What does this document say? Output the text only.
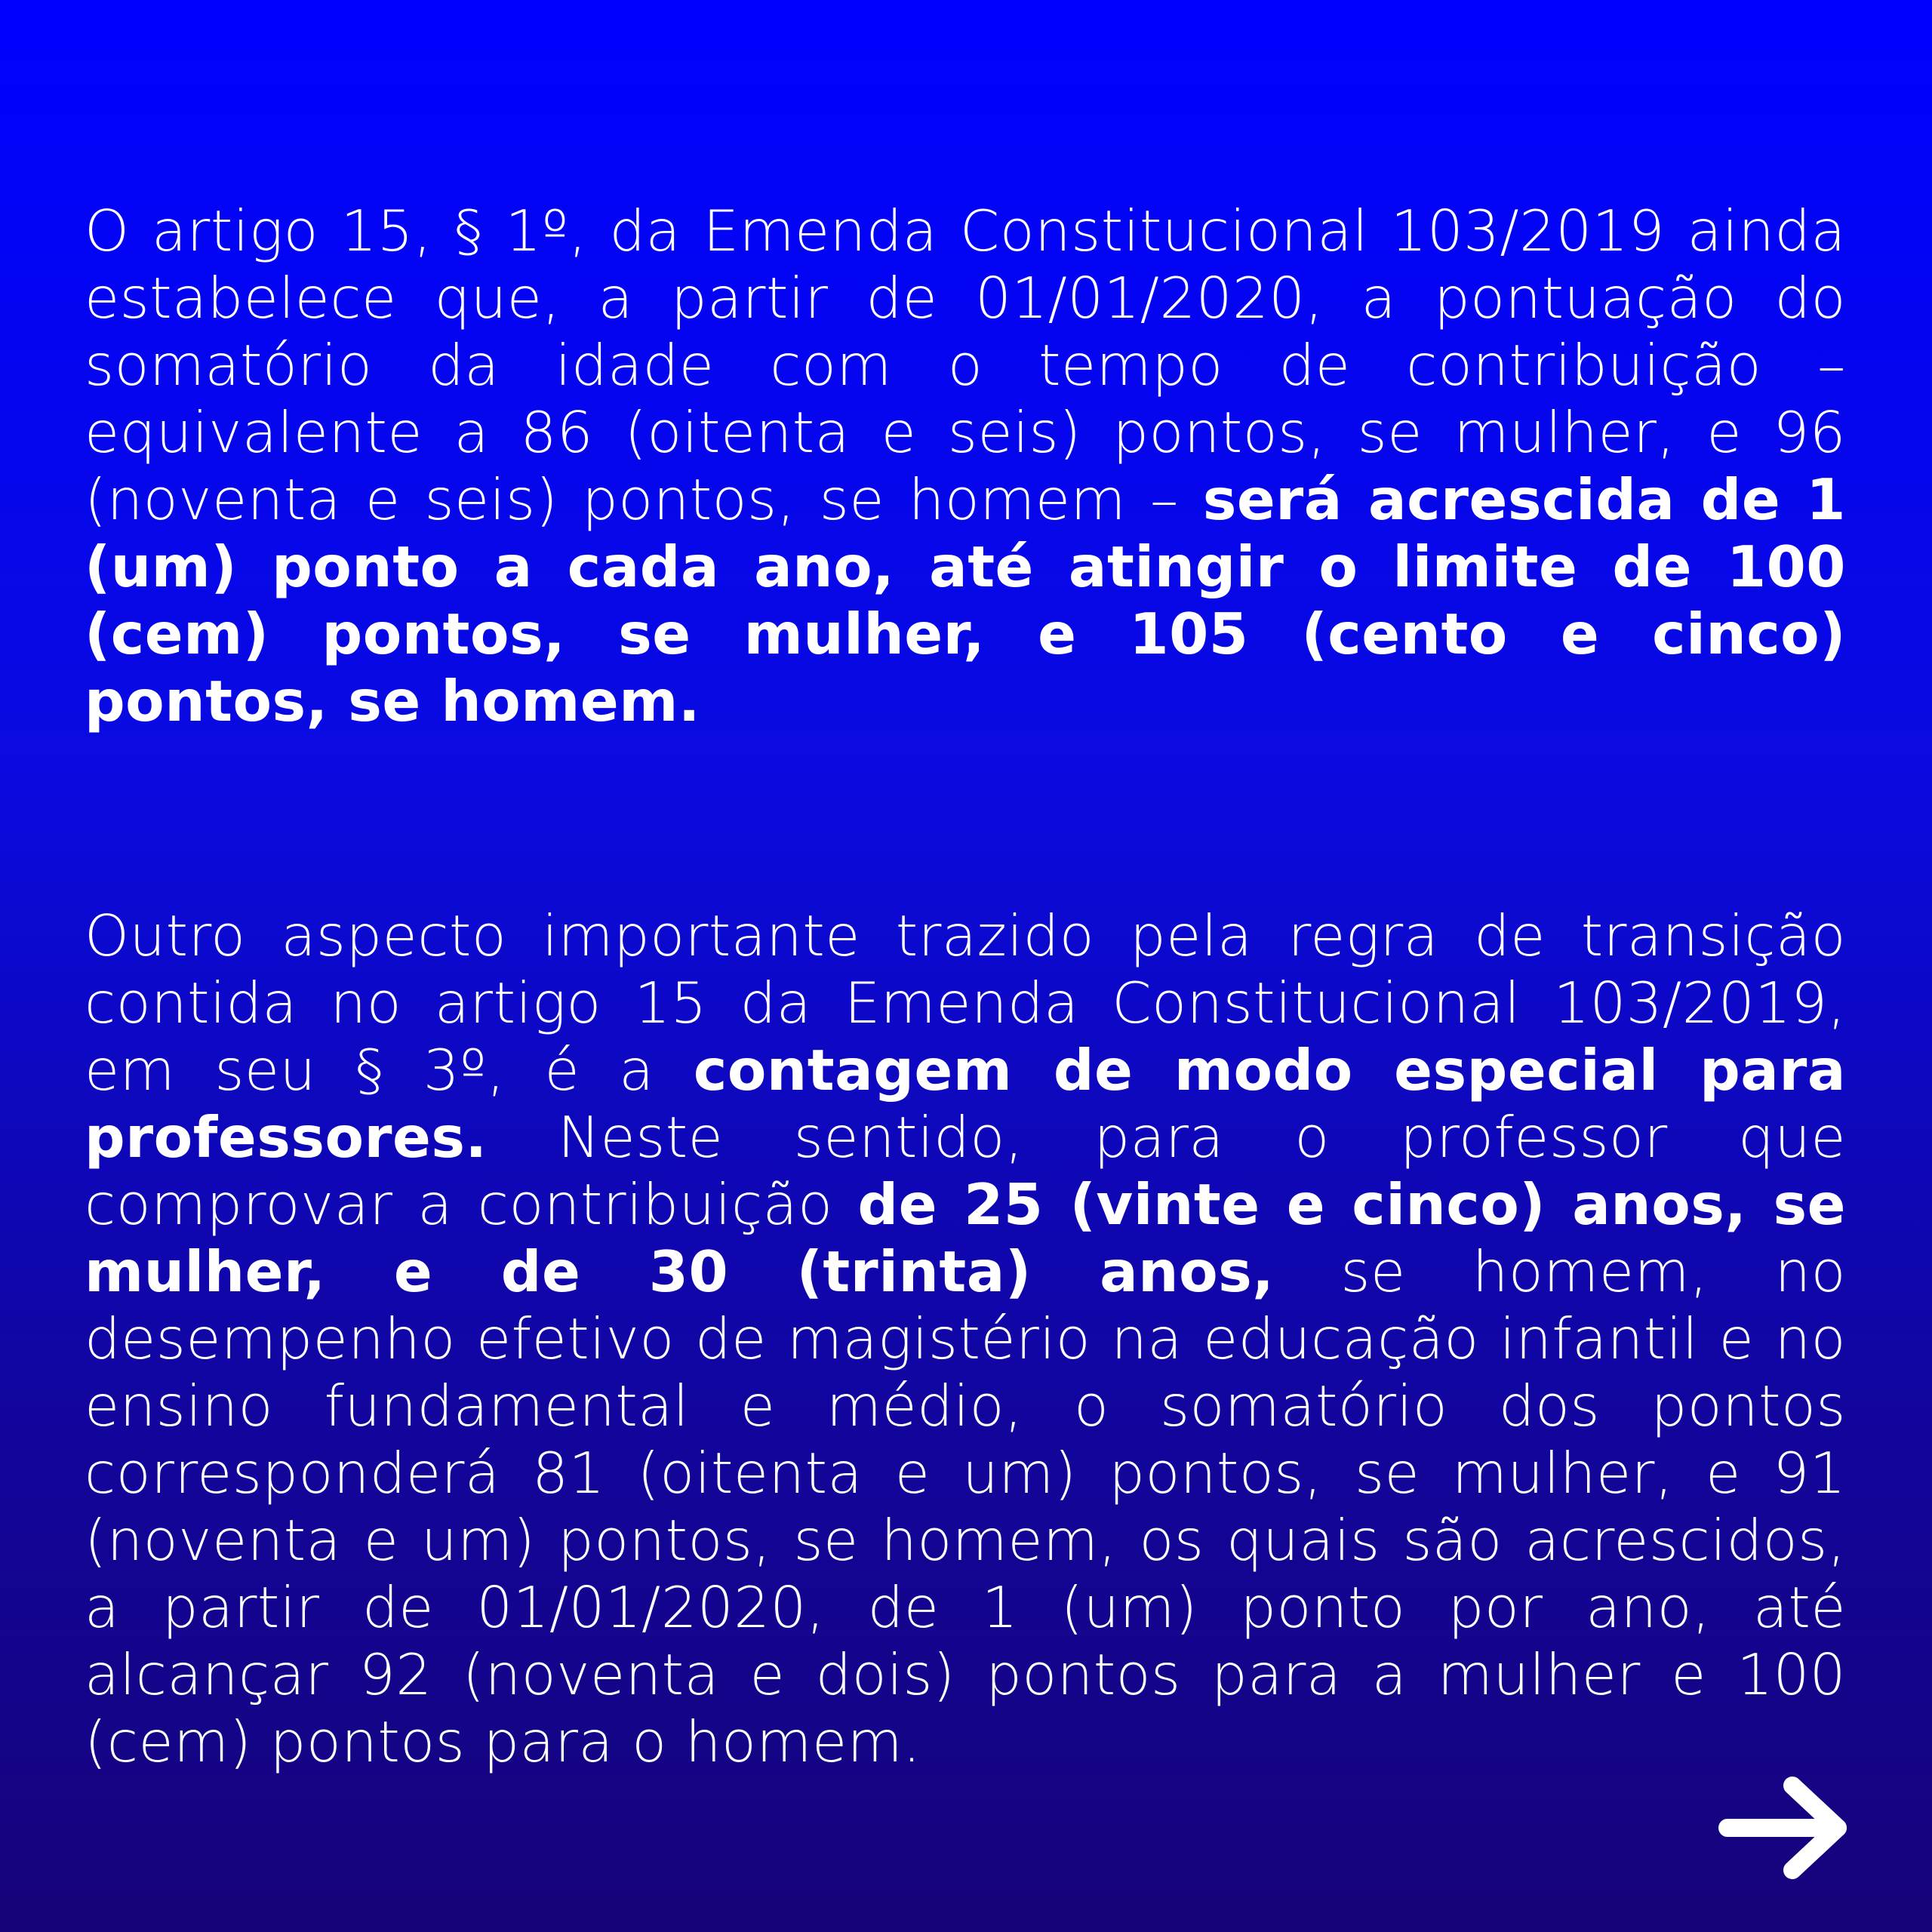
O artigo 15, § 1º, da Emenda Constitucional 103/2019 ainda estabelece que, a partir de 01/01/2020, a pontuação do somatório da idade com o tempo de contribuição – equivalente a 86 (oitenta e seis) pontos, se mulher, e 96 (noventa e seis) pontos, se homem – será acrescida de 1 (um) ponto a cada ano, até atingir o limite de 100 (cem) pontos, se mulher, e 105 (cento e cinco) pontos, se homem.

Outro aspecto importante trazido pela regra de transição contida no artigo 15 da Emenda Constitucional 103/2019, em seu § 3º, é a contagem de modo especial para professores. Neste sentido, para o professor que comprovar a contribuição de 25 (vinte e cinco) anos, se mulher, e de 30 (trinta) anos, se homem, no desempenho efetivo de magistério na educação infantil e no ensino fundamental e médio, o somatório dos pontos corresponderá 81 (oitenta e um) pontos, se mulher, e 91 (noventa e um) pontos, se homem, os quais são acrescidos, a partir de 01/01/2020, de 1 (um) ponto por ano, até alcançar 92 (noventa e dois) pontos para a mulher e 100 (cem) pontos para o homem.
